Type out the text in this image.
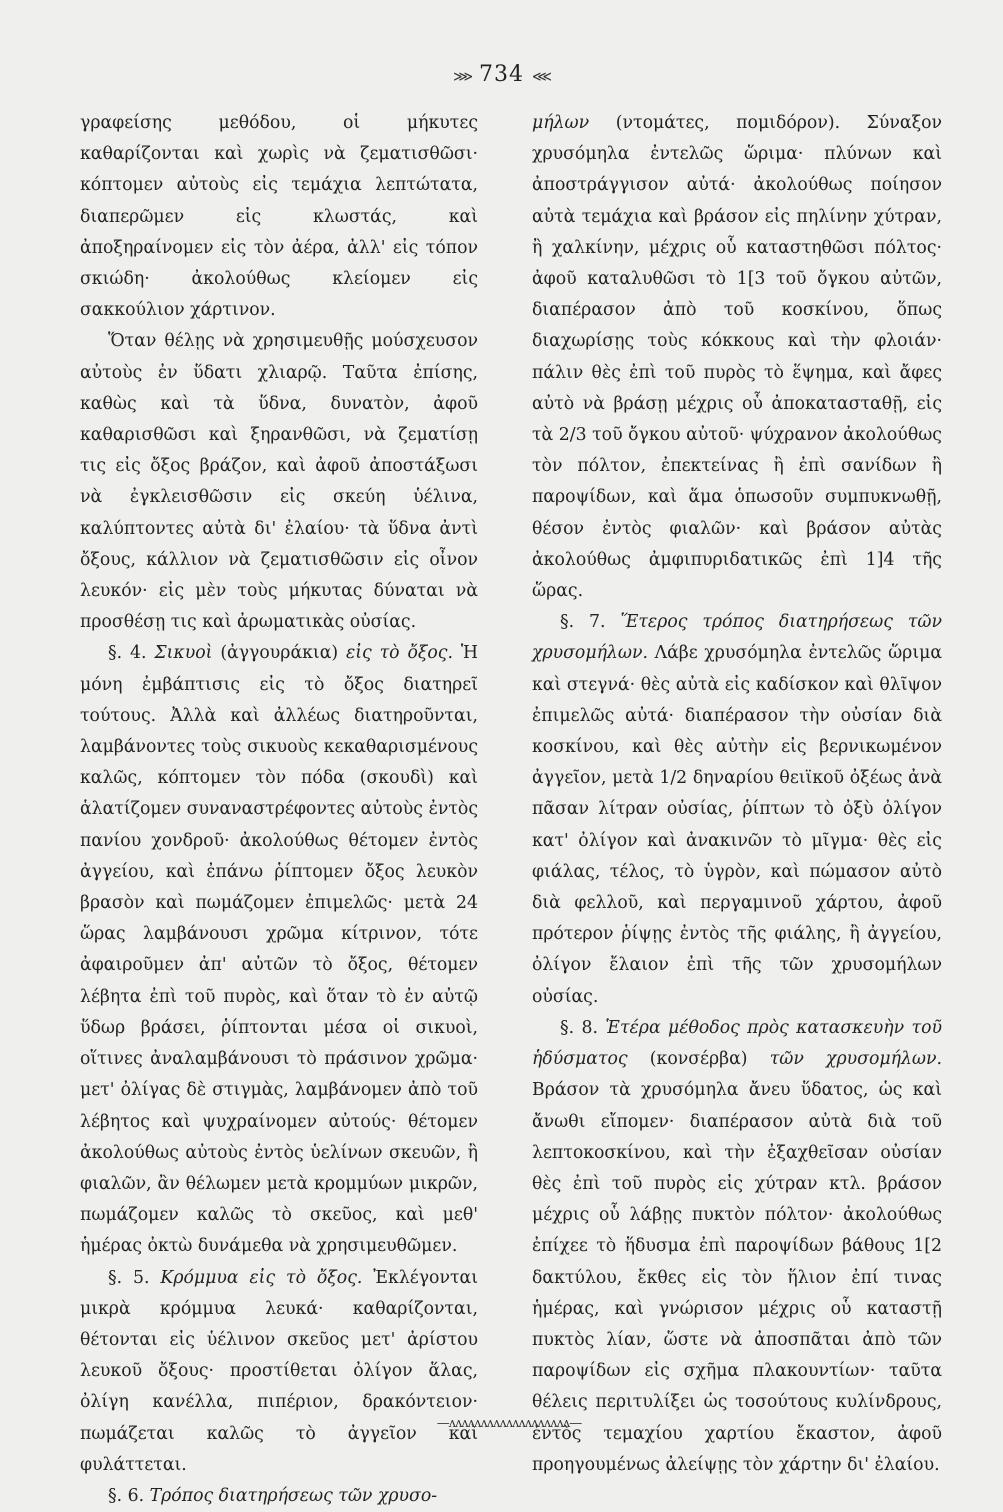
⋙ 734 ⋘

γραφείσης μεθόδου, οἱ μήκυτες καθαρίζονται καὶ χωρὶς νὰ ζεματισθῶσι· κόπτομεν αὐτοὺς εἰς τεμάχια λεπτώτατα, διαπερῶμεν εἰς κλωστάς, καὶ ἀποξηραίνομεν εἰς τὸν ἀέρα, ἀλλ' εἰς τόπον σκιώδη· ἀκολούθως κλείομεν εἰς σακκούλιον χάρτινον.

Ὅταν θέλῃς νὰ χρησιμευθῇς μούσχευσον αὐτοὺς ἐν ὕδατι χλιαρῷ. Ταῦτα ἐπίσης, καθὼς καὶ τὰ ὕδνα, δυνατὸν, ἀφοῦ καθαρισθῶσι καὶ ξηρανθῶσι, νὰ ζεματίσῃ τις εἰς ὄξος βράζον, καὶ ἀφοῦ ἀποστάξωσι νὰ ἐγκλεισθῶσιν εἰς σκεύη ὑέλινα, καλύπτοντες αὐτὰ δι' ἐλαίου· τὰ ὕδνα ἀντὶ ὄξους, κάλλιον νὰ ζεματισθῶσιν εἰς οἶνον λευκόν· εἰς μὲν τοὺς μήκυτας δύναται νὰ προσθέσῃ τις καὶ ἀρωματικὰς οὐσίας.

§. 4. Σικυοὶ (ἀγγουράκια) εἰς τὸ ὄξος. Ἡ μόνη ἐμβάπτισις εἰς τὸ ὄξος διατηρεῖ τούτους. Ἀλλὰ καὶ ἀλλέως διατηροῦνται, λαμβάνοντες τοὺς σικυοὺς κεκαθαρισμένους καλῶς, κόπτομεν τὸν πόδα (σκουδὶ) καὶ ἁλατίζομεν συναναστρέφοντες αὐτοὺς ἐντὸς πανίου χονδροῦ· ἀκολούθως θέτομεν ἐντὸς ἀγγείου, καὶ ἐπάνω ῥίπτομεν ὄξος λευκὸν βρασὸν καὶ πωμάζομεν ἐπιμελῶς· μετὰ 24 ὥρας λαμβάνουσι χρῶμα κίτρινον, τότε ἀφαιροῦμεν ἀπ' αὐτῶν τὸ ὄξος, θέτομεν λέβητα ἐπὶ τοῦ πυρὸς, καὶ ὅταν τὸ ἐν αὐτῷ ὕδωρ βράσει, ῥίπτονται μέσα οἱ σικυοὶ, οἵτινες ἀναλαμβάνουσι τὸ πράσινον χρῶμα· μετ' ὀλίγας δὲ στιγμὰς, λαμβάνομεν ἀπὸ τοῦ λέβητος καὶ ψυχραίνομεν αὐτούς· θέτομεν ἀκολούθως αὐτοὺς ἐντὸς ὑελίνων σκευῶν, ἢ φιαλῶν, ἂν θέλωμεν μετὰ κρομμύων μικρῶν, πωμάζομεν καλῶς τὸ σκεῦος, καὶ μεθ' ἡμέρας ὀκτὼ δυνάμεθα νὰ χρησιμευθῶμεν.

§. 5. Κρόμμυα εἰς τὸ ὄξος. Ἐκλέγονται μικρὰ κρόμμυα λευκά· καθαρίζονται, θέτονται εἰς ὑέλινον σκεῦος μετ' ἀρίστου λευκοῦ ὄξους· προστίθεται ὀλίγον ἅλας, ὀλίγη κανέλλα, πιπέριον, δρακόντειον· πωμάζεται καλῶς τὸ ἀγγεῖον καὶ φυλάττεται.

§. 6. Τρόπος διατηρήσεως τῶν χρυσο-

μήλων (ντομάτες, πομιδόρον). Σύναξον χρυσόμηλα ἐντελῶς ὥριμα· πλύνων καὶ ἀποστράγγισον αὐτά· ἀκολούθως ποίησον αὐτὰ τεμάχια καὶ βράσον εἰς πηλίνην χύτραν, ἢ χαλκίνην, μέχρις οὗ καταστηθῶσι πόλτος· ἀφοῦ καταλυθῶσι τὸ 1[3 τοῦ ὄγκου αὐτῶν, διαπέρασον ἀπὸ τοῦ κοσκίνου, ὅπως διαχωρίσῃς τοὺς κόκκους καὶ τὴν φλοιάν· πάλιν θὲς ἐπὶ τοῦ πυρὸς τὸ ἕψημα, καὶ ἄφες αὐτὸ νὰ βράσῃ μέχρις οὗ ἀποκατασταθῇ, εἰς τὰ 2/3 τοῦ ὄγκου αὐτοῦ· ψύχρανον ἀκολούθως τὸν πόλτον, ἐπεκτείνας ἢ ἐπὶ σανίδων ἢ παροψίδων, καὶ ἅμα ὁπωσοῦν συμπυκνωθῇ, θέσον ἐντὸς φιαλῶν· καὶ βράσον αὐτὰς ἀκολούθως ἀμφιπυριδατικῶς ἐπὶ 1]4 τῆς ὥρας.

§. 7. Ἕτερος τρόπος διατηρήσεως τῶν χρυσομήλων. Λάβε χρυσόμηλα ἐντελῶς ὥριμα καὶ στεγνά· θὲς αὐτὰ εἰς καδίσκον καὶ θλῖψον ἐπιμελῶς αὐτά· διαπέρασον τὴν οὐσίαν διὰ κοσκίνου, καὶ θὲς αὐτὴν εἰς βερνικωμένον ἀγγεῖον, μετὰ 1/2 δηναρίου θειϊκοῦ ὀξέως ἀνὰ πᾶσαν λίτραν οὐσίας, ῥίπτων τὸ ὀξὺ ὀλίγον κατ' ὀλίγον καὶ ἀνακινῶν τὸ μῖγμα· θὲς εἰς φιάλας, τέλος, τὸ ὑγρὸν, καὶ πώμασον αὐτὸ διὰ φελλοῦ, καὶ περγαμινοῦ χάρτου, ἀφοῦ πρότερον ῥίψῃς ἐντὸς τῆς φιάλης, ἢ ἀγγείου, ὀλίγον ἔλαιον ἐπὶ τῆς τῶν χρυσομήλων οὐσίας.

§. 8. Ἑτέρα μέθοδος πρὸς κατασκευὴν τοῦ ἡδύσματος (κονσέρβα) τῶν χρυσομήλων. Βράσον τὰ χρυσόμηλα ἄνευ ὕδατος, ὡς καὶ ἄνωθι εἴπομεν· διαπέρασον αὐτὰ διὰ τοῦ λεπτοκοσκίνου, καὶ τὴν ἐξαχθεῖσαν οὐσίαν θὲς ἐπὶ τοῦ πυρὸς εἰς χύτραν κτλ. βράσον μέχρις οὗ λάβῃς πυκτὸν πόλτον· ἀκολούθως ἐπίχεε τὸ ἥδυσμα ἐπὶ παροψίδων βάθους 1[2 δακτύλου, ἔκθες εἰς τὸν ἥλιον ἐπί τινας ἡμέρας, καὶ γνώρισον μέχρις οὗ καταστῇ πυκτὸς λίαν, ὥστε νὰ ἀποσπᾶται ἀπὸ τῶν παροψίδων εἰς σχῆμα πλακουντίων· ταῦτα θέλεις περιτυλίξει ὡς τοσούτους κυλίνδρους, ἐντὸς τεμαχίου χαρτίου ἔκαστον, ἀφοῦ προηγουμένως ἀλείψῃς τὸν χάρτην δι' ἐλαίου.

—ʌʌʌʌʌʌʌʌʌʌʌʌʌʌʌʌʌʌʌ—
